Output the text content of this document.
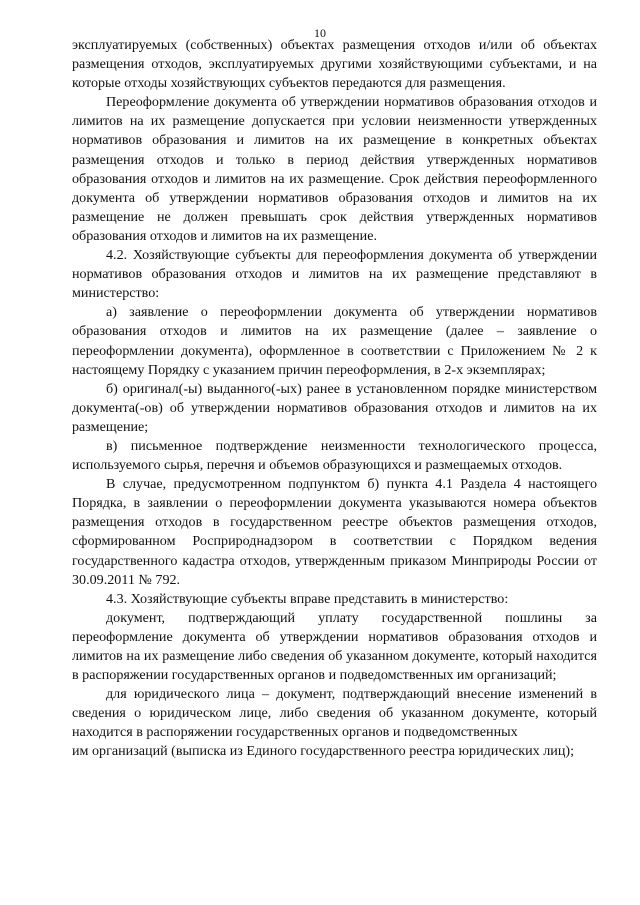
10

эксплуатируемых (собственных) объектах размещения отходов и/или об объектах размещения отходов, эксплуатируемых другими хозяйствующими субъектами, и на которые отходы хозяйствующих субъектов передаются для размещения.

Переоформление документа об утверждении нормативов образования отходов и лимитов на их размещение допускается при условии неизменности утвержденных нормативов образования и лимитов на их размещение в конкретных объектах размещения отходов и только в период действия утвержденных нормативов образования отходов и лимитов на их размещение. Срок действия переоформленного документа об утверждении нормативов образования отходов и лимитов на их размещение не должен превышать срок действия утвержденных нормативов образования отходов и лимитов на их размещение.

4.2. Хозяйствующие субъекты для переоформления документа об утверждении нормативов образования отходов и лимитов на их размещение представляют в министерство:

а) заявление о переоформлении документа об утверждении нормативов образования отходов и лимитов на их размещение (далее – заявление о переоформлении документа), оформленное в соответствии с Приложением № 2 к настоящему Порядку с указанием причин переоформления, в 2-х экземплярах;

б) оригинал(-ы) выданного(-ых) ранее в установленном порядке министерством документа(-ов) об утверждении нормативов образования отходов и лимитов на их размещение;

в) письменное подтверждение неизменности технологического процесса, используемого сырья, перечня и объемов образующихся и размещаемых отходов.

В случае, предусмотренном подпунктом б) пункта 4.1 Раздела 4 настоящего Порядка, в заявлении о переоформлении документа указываются номера объектов размещения отходов в государственном реестре объектов размещения отходов, сформированном Росприроднадзором в соответствии с Порядком ведения государственного кадастра отходов, утвержденным приказом Минприроды России от 30.09.2011 № 792.

4.3. Хозяйствующие субъекты вправе представить в министерство:

документ, подтверждающий уплату государственной пошлины за переоформление документа об утверждении нормативов образования отходов и лимитов на их размещение либо сведения об указанном документе, который находится в распоряжении государственных органов и подведомственных им организаций;

для юридического лица – документ, подтверждающий внесение изменений в сведения о юридическом лице, либо сведения об указанном документе, который находится в распоряжении государственных органов и подведомственных

им организаций (выписка из Единого государственного реестра юридических лиц);
